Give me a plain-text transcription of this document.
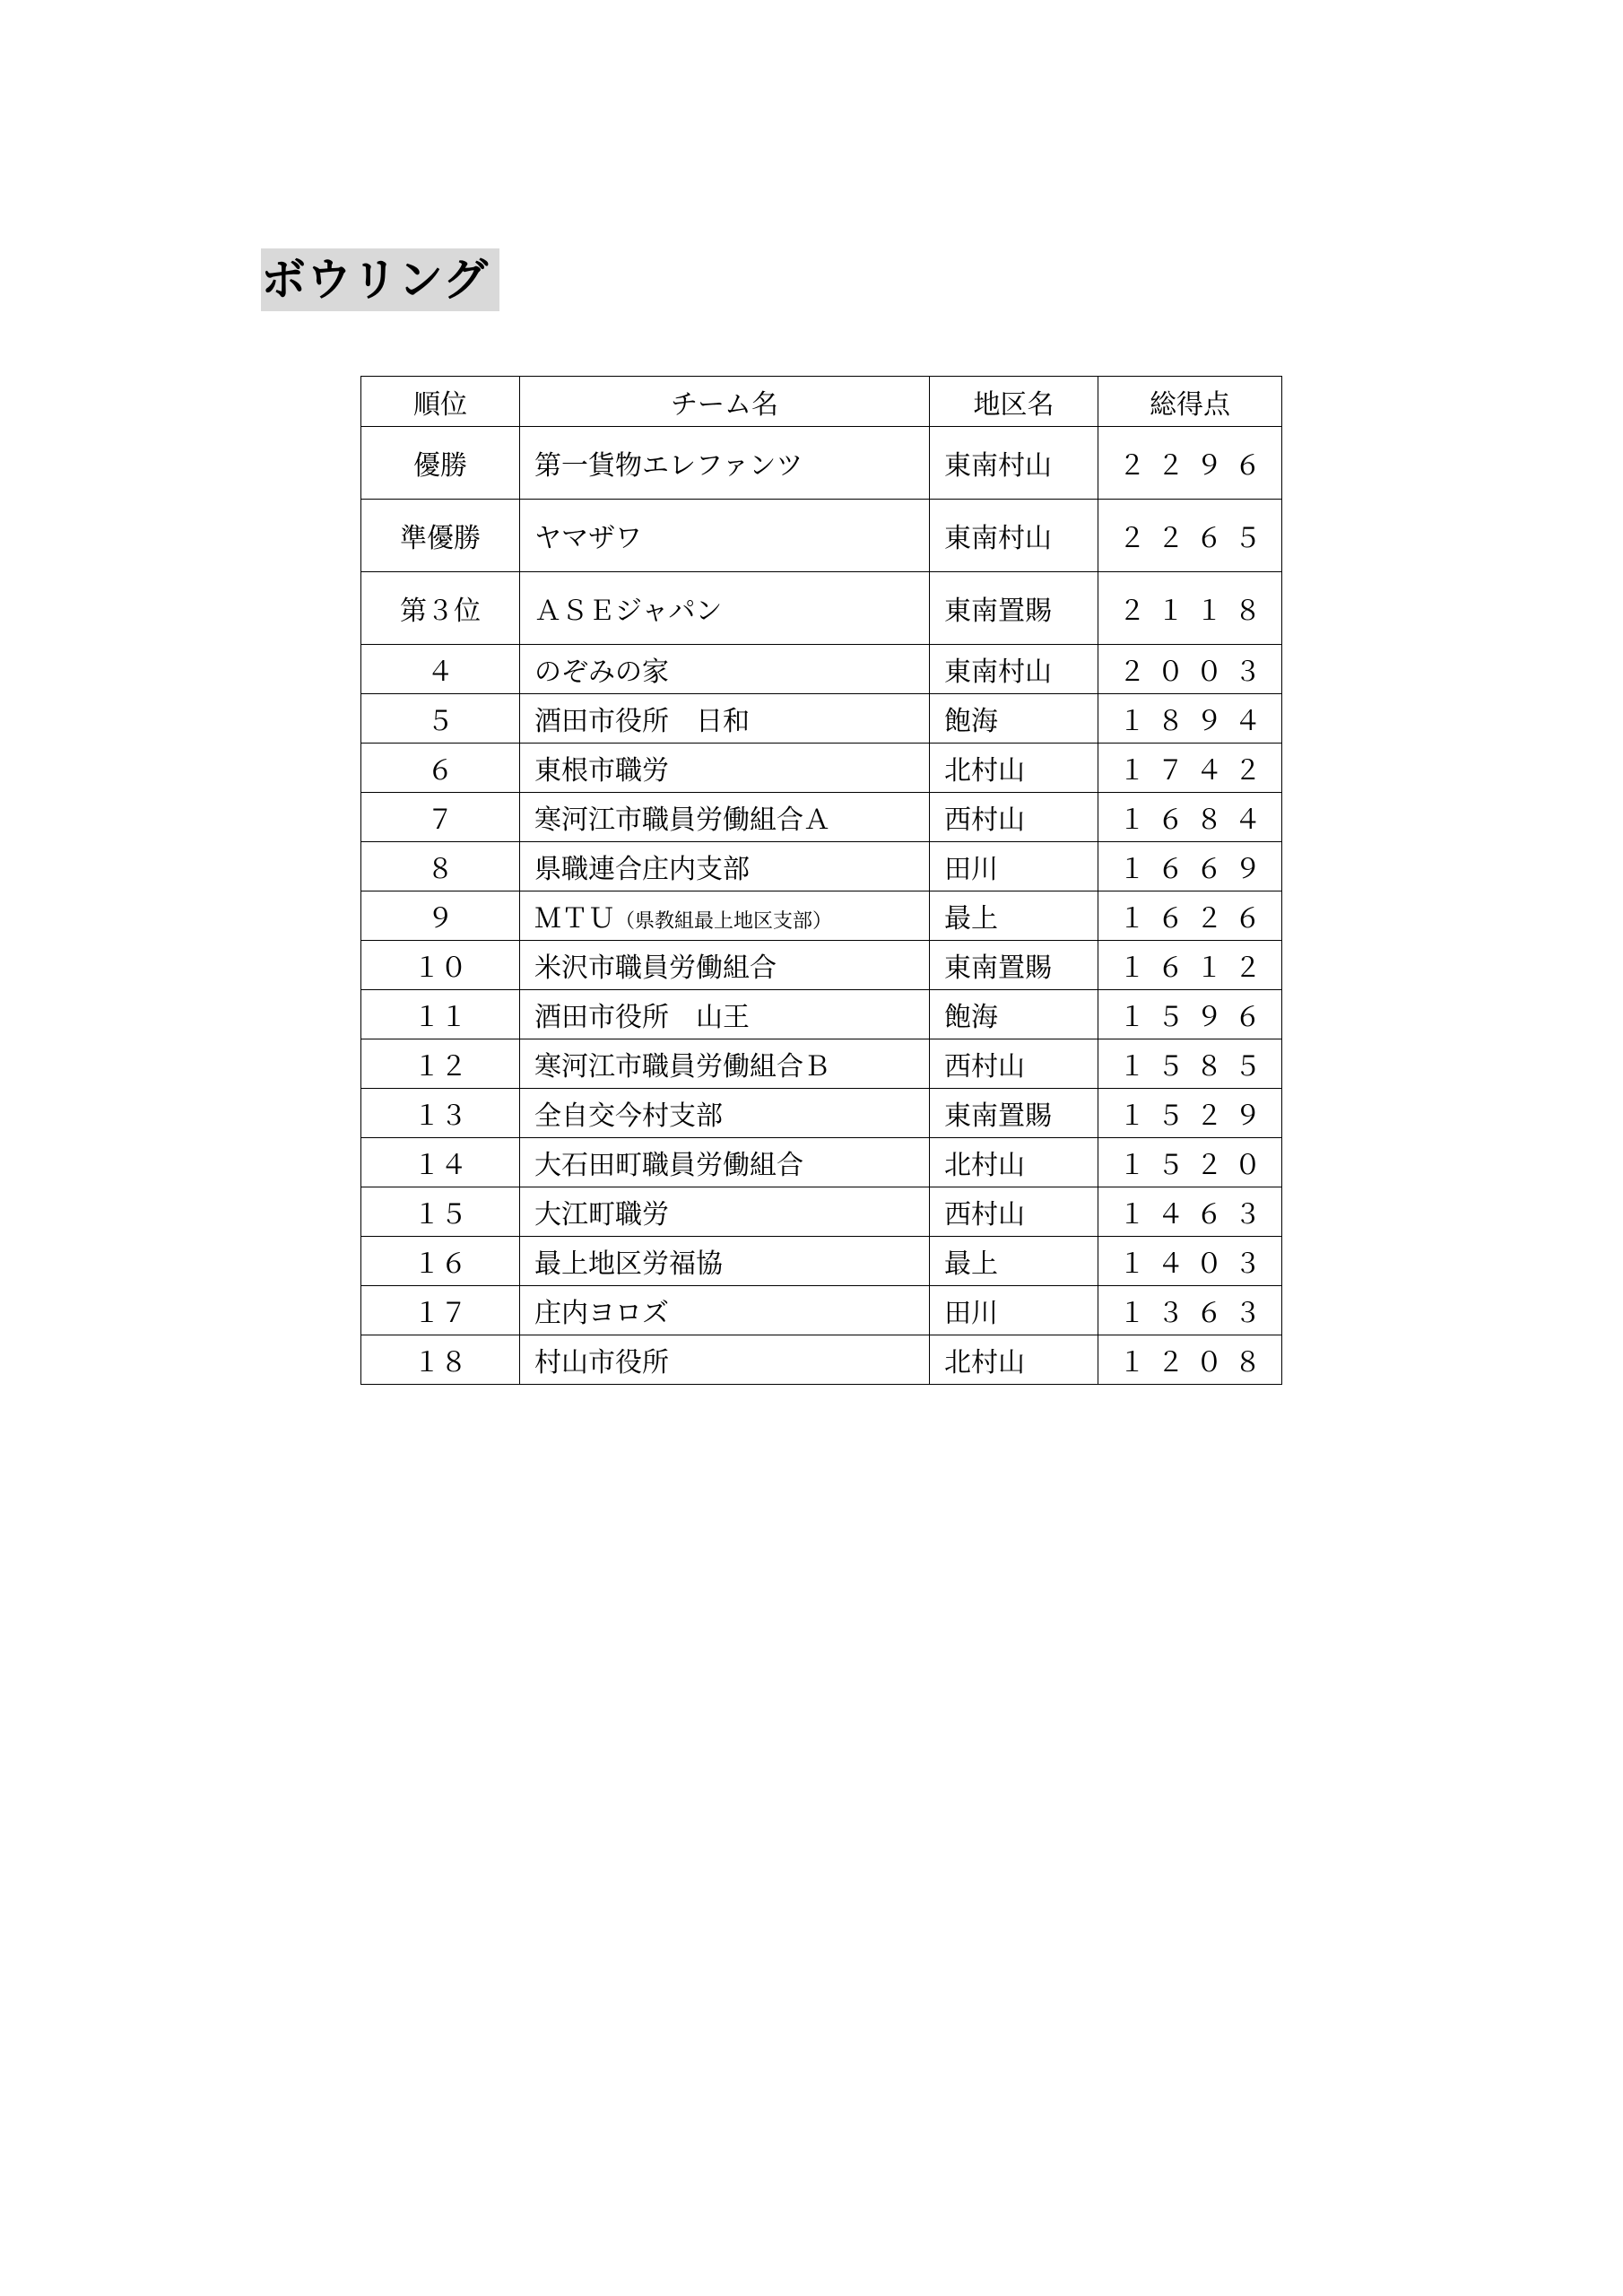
ボウリング
順位	チーム名	地区名	総得点
優勝	第一貨物エレファンツ	東南村山	２２９６
準優勝	ヤマザワ	東南村山	２２６５
第３位	ＡＳＥジャパン	東南置賜	２１１８
４	のぞみの家	東南村山	２００３
５	酒田市役所　日和	飽海	１８９４
６	東根市職労	北村山	１７４２
７	寒河江市職員労働組合Ａ	西村山	１６８４
８	県職連合庄内支部	田川	１６６９
９	ＭＴＵ（県教組最上地区支部）	最上	１６２６
１０	米沢市職員労働組合	東南置賜	１６１２
１１	酒田市役所　山王	飽海	１５９６
１２	寒河江市職員労働組合Ｂ	西村山	１５８５
１３	全自交今村支部	東南置賜	１５２９
１４	大石田町職員労働組合	北村山	１５２０
１５	大江町職労	西村山	１４６３
１６	最上地区労福協	最上	１４０３
１７	庄内ヨロズ	田川	１３６３
１８	村山市役所	北村山	１２０８
